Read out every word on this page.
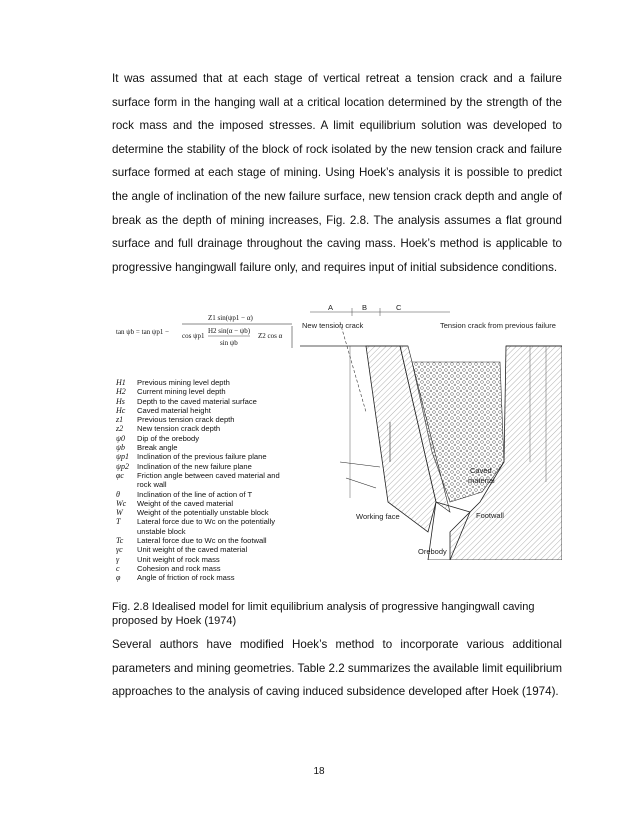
It was assumed that at each stage of vertical retreat a tension crack and a failure surface form in the hanging wall at a critical location determined by the strength of the rock mass and the imposed stresses. A limit equilibrium solution was developed to determine the stability of the block of rock isolated by the new tension crack and failure surface formed at each stage of mining. Using Hoek’s analysis it is possible to predict the angle of inclination of the new failure surface, new tension crack depth and angle of break as the depth of mining increases, Fig. 2.8. The analysis assumes a flat ground surface and full drainage throughout the caving mass. Hoek’s method is applicable to progressive hangingwall failure only, and requires input of initial subsidence conditions.
tan ψb = tan ψp1 −
Z1 sin(ψp1 − α)
cos ψp1
H2 sin(α − ψb)
sin ψb
Z2 cos α
H1	Previous mining level depth
H2	Current mining level depth
Hs	Depth to the caved material surface
Hc	Caved material height
z1	Previous tension crack depth
z2	New tension crack depth
ψ0	Dip of the orebody
ψb	Break angle
ψp1	Inclination of the previous failure plane
ψp2	Inclination of the new failure plane
φc	Friction angle between caved material and
rock wall
θ	Inclination of the line of action of T
Wc	Weight of the caved material
W	Weight of the potentially unstable block
T	Lateral force due to Wc on the potentially
unstable block
Tc	Lateral force due to Wc on the footwall
γc	Unit weight of the caved material
γ	Unit weight of rock mass
c	Cohesion and rock mass
φ	Angle of friction of rock mass
New tension crack	Tension crack from previous failure
A	B	C
Caved
material
Working face	Footwall
Orebody
Fig. 2.8 Idealised model for limit equilibrium analysis of progressive hangingwall caving proposed by Hoek (1974)
Several authors have modified Hoek’s method to incorporate various additional parameters and mining geometries. Table 2.2 summarizes the available limit equilibrium approaches to the analysis of caving induced subsidence developed after Hoek (1974).
18
